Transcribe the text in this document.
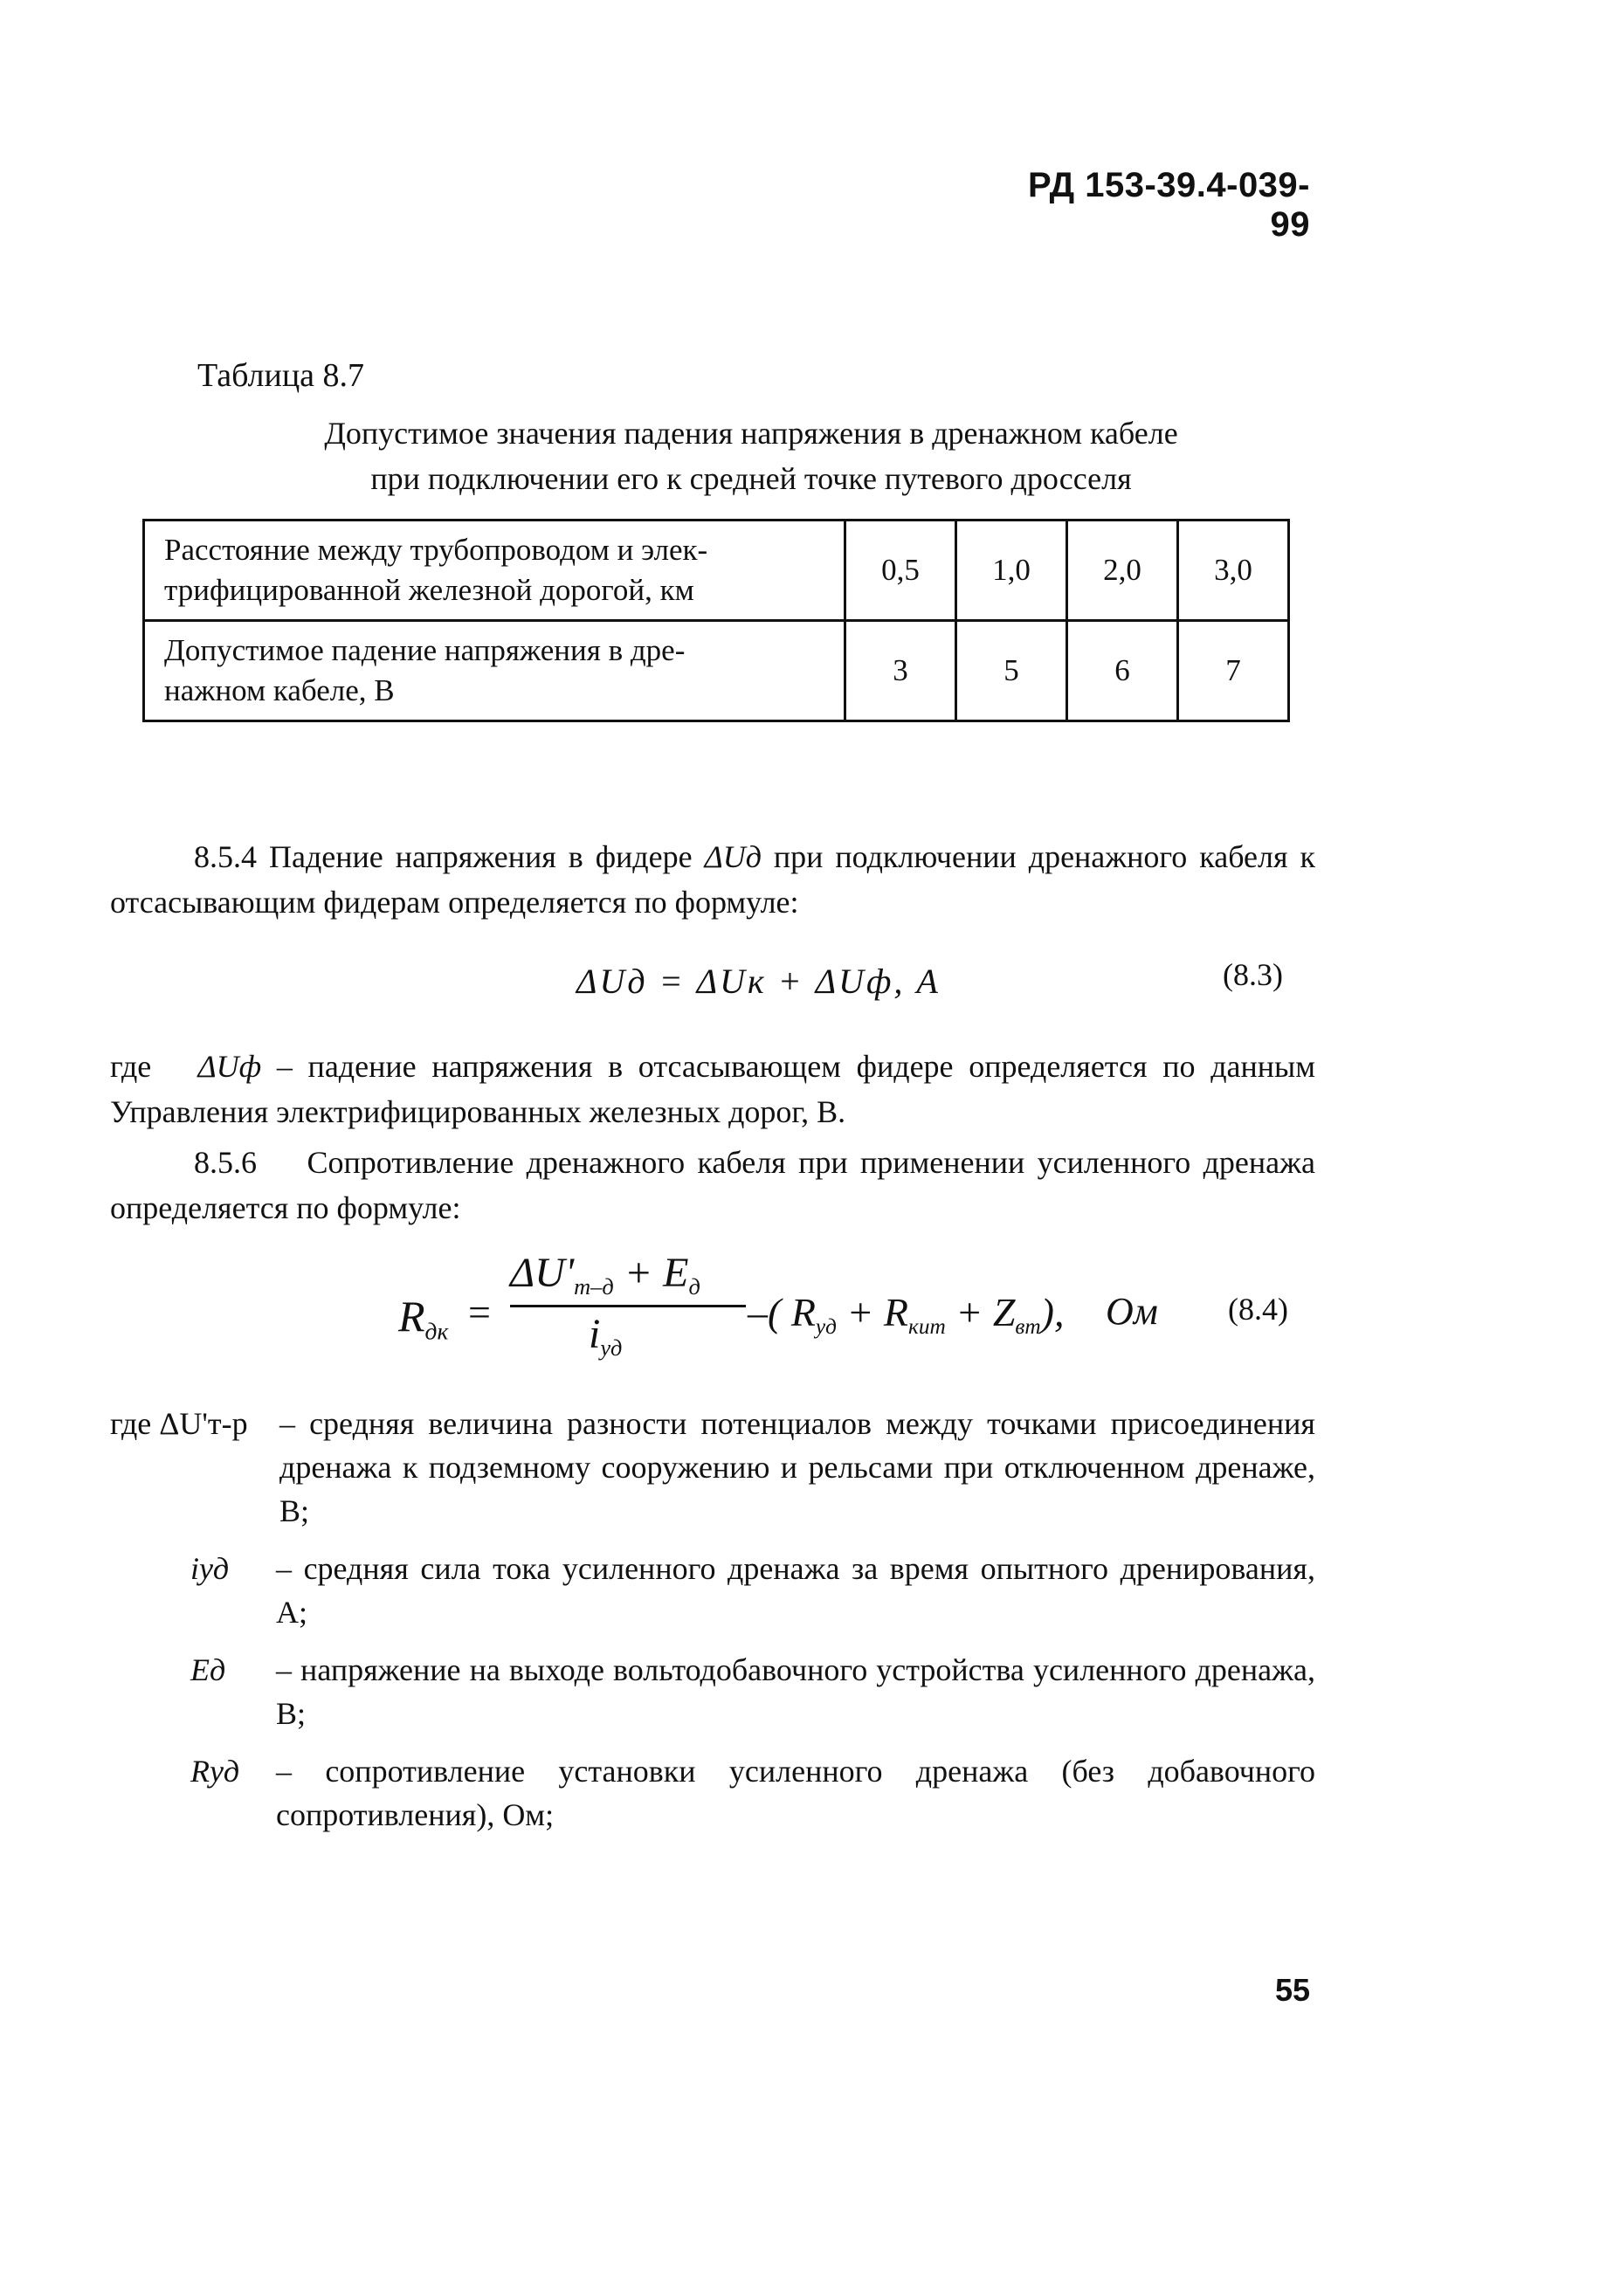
РД 153-39.4-039-99
Таблица 8.7
Допустимое значения падения напряжения в дренажном кабеле
при подключении его к средней точке путевого дросселя
Расстояние между трубопроводом и элек-
трифицированной железной дорогой, км	0,5	1,0	2,0	3,0

Допустимое падение напряжения в дре-
нажном кабеле, В	3	5	6	7
8.5.4 Падение напряжения в фидере ΔUд при подключении дренажного кабеля к отсасывающим фидерам определяется по формуле:
ΔUд = ΔUк + ΔUф, А	(8.3)
где ΔUф – падение напряжения в отсасывающем фидере определяется по данным Управления электрифицированных железных дорог, В.
8.5.6 Сопротивление дренажного кабеля при применении усиленного дренажа определяется по формуле:
$R_{дк}$ =
$\Delta U'_{т-д} + E_д$
$i_{уд}$
–( $R_{уд} + R_{кит} + Z_{вт}$), Ом (8.4)
где ΔU'т-р – средняя величина разности потенциалов между точками присоединения дренажа к подземному сооружению и рельсами при отключенном дренаже, В;
iуд – средняя сила тока усиленного дренажа за время опытного дренирования, А;
Eд – напряжение на выходе вольтодобавочного устройства усиленного дренажа, В;
Rуд – сопротивление установки усиленного дренажа (без добавочного сопротивления), Ом;
55
